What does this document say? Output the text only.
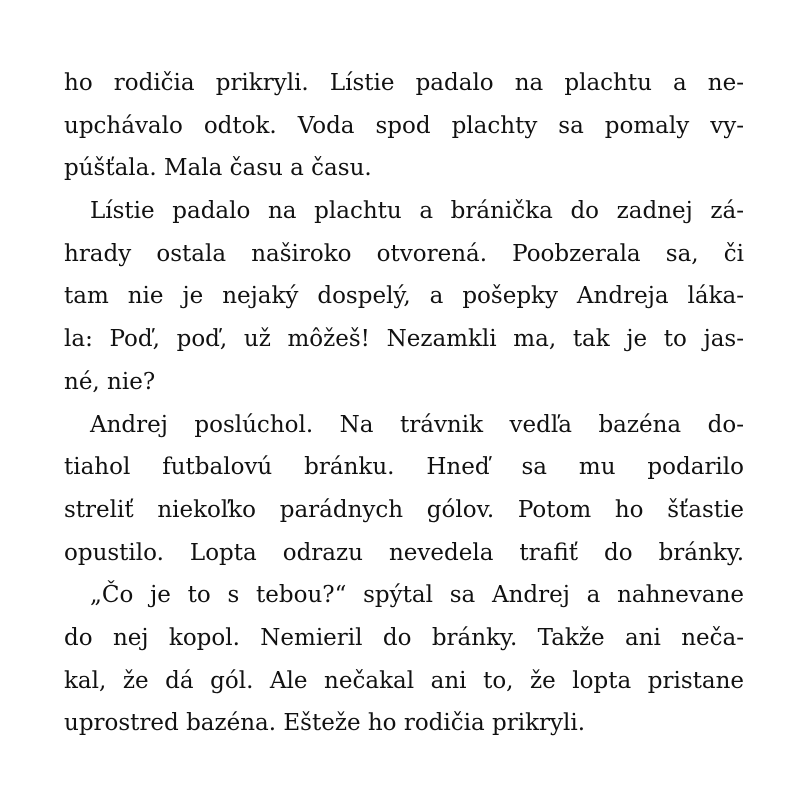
ho rodičia prikryli. Lístie padalo na plachtu a ne-
upchávalo odtok. Voda spod plachty sa pomaly vy-
púšťala. Mala času a času.
Lístie padalo na plachtu a bránička do zadnej zá-
hrady ostala naširoko otvorená. Poobzerala sa, či
tam nie je nejaký dospelý, a pošepky Andreja láka-
la: Poď, poď, už môžeš! Nezamkli ma, tak je to jas-
né, nie?
Andrej poslúchol. Na trávnik vedľa bazéna do-
tiahol futbalovú bránku. Hneď sa mu podarilo
streliť niekoľko parádnych gólov. Potom ho šťastie
opustilo. Lopta odrazu nevedela trafiť do bránky.
„Čo je to s tebou?“ spýtal sa Andrej a nahnevane
do nej kopol. Nemieril do bránky. Takže ani neča-
kal, že dá gól. Ale nečakal ani to, že lopta pristane
uprostred bazéna. Ešteže ho rodičia prikryli.
